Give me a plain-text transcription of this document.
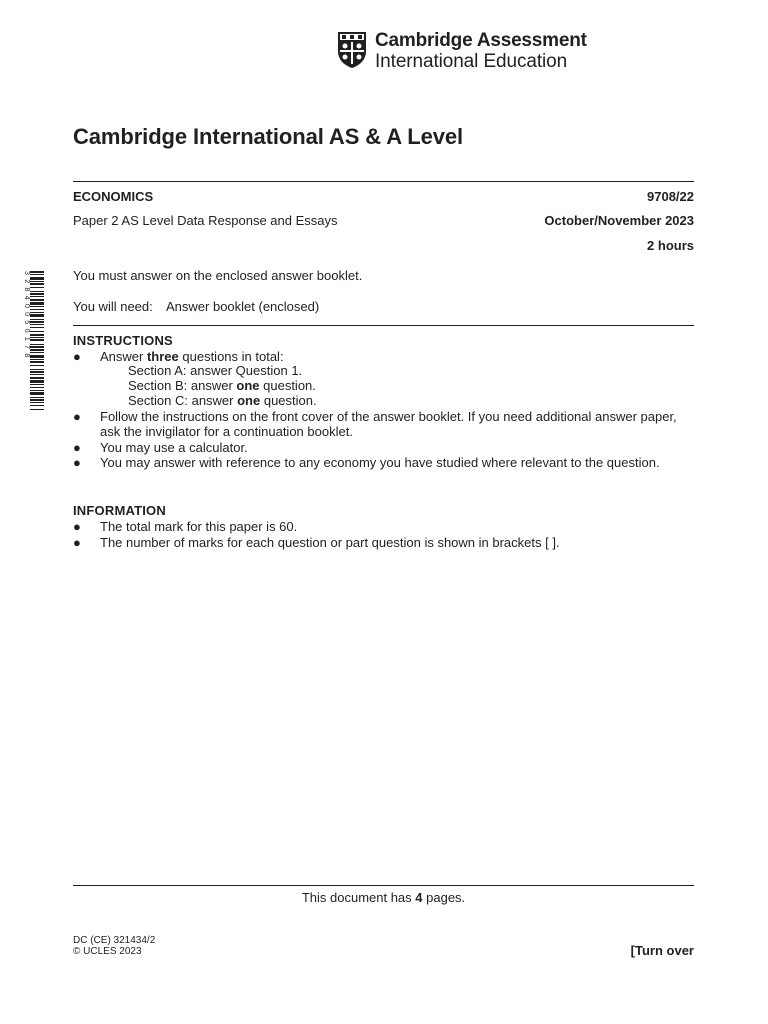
Cambridge Assessment
International Education
Cambridge International AS & A Level
ECONOMICS	9708/22
Paper 2 AS Level Data Response and Essays	October/November 2023
2 hours
3 2 8 4 0 0 5 0 1 7 8	You must answer on the enclosed answer booklet.
You will need: Answer booklet (enclosed)
INSTRUCTIONS
● Answer three questions in total:
Section A: answer Question 1.
Section B: answer one question.
Section C: answer one question.
● Follow the instructions on the front cover of the answer booklet. If you need additional answer paper,
ask the invigilator for a continuation booklet.
● You may use a calculator.
● You may answer with reference to any economy you have studied where relevant to the question.
INFORMATION
● The total mark for this paper is 60.
● The number of marks for each question or part question is shown in brackets [ ].
This document has 4 pages.
DC (CE) 321434/2
© UCLES 2023	[Turn over
